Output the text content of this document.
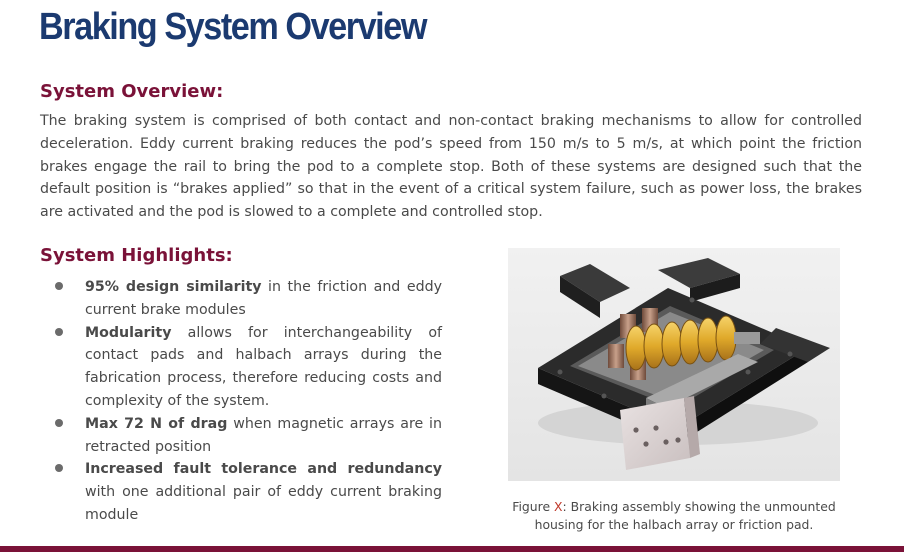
Braking System Overview
System Overview:
The braking system is comprised of both contact and non-contact braking mechanisms to allow for controlled deceleration. Eddy current braking reduces the pod’s speed from 150 m/s to 5 m/s, at which point the friction brakes engage the rail to bring the pod to a complete stop. Both of these systems are designed such that the default position is “brakes applied” so that in the event of a critical system failure, such as power loss, the brakes are activated and the pod is slowed to a complete and controlled stop.
System Highlights:
95% design similarity in the friction and eddy current brake modules
Modularity allows for interchangeability of contact pads and halbach arrays during the fabrication process, therefore reducing costs and complexity of the system.
Max 72 N of drag when magnetic arrays are in retracted position
Increased fault tolerance and redundancy with one additional pair of eddy current braking module
Figure X: Braking assembly showing the unmounted housing for the halbach array or friction pad.
